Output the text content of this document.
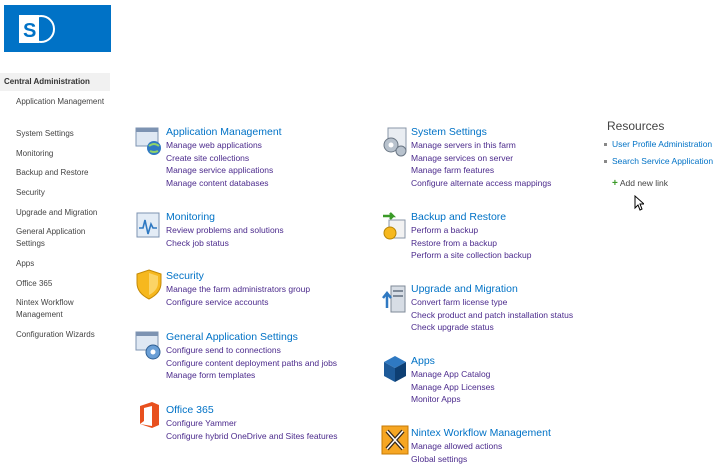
S
Central Administration
Application Management
System Settings
Monitoring
Backup and Restore
Security
Upgrade and Migration
General Application Settings
Apps
Office 365
Nintex Workflow Management
Configuration Wizards
Application Management
Manage web applications
Create site collections
Manage service applications
Manage content databases
System Settings
Manage servers in this farm
Manage services on server
Manage farm features
Configure alternate access mappings
Monitoring
Review problems and solutions
Check job status
Backup and Restore
Perform a backup
Restore from a backup
Perform a site collection backup
Security
Manage the farm administrators group
Configure service accounts
Upgrade and Migration
Convert farm license type
Check product and patch installation status
Check upgrade status
General Application Settings
Configure send to connections
Configure content deployment paths and jobs
Manage form templates
Apps
Manage App Catalog
Manage App Licenses
Monitor Apps
Office 365
Configure Yammer
Configure hybrid OneDrive and Sites features	Nintex Workflow Management
Manage allowed actions
Global settings
Resources
User Profile Administration
Search Service Application
+ Add new link
